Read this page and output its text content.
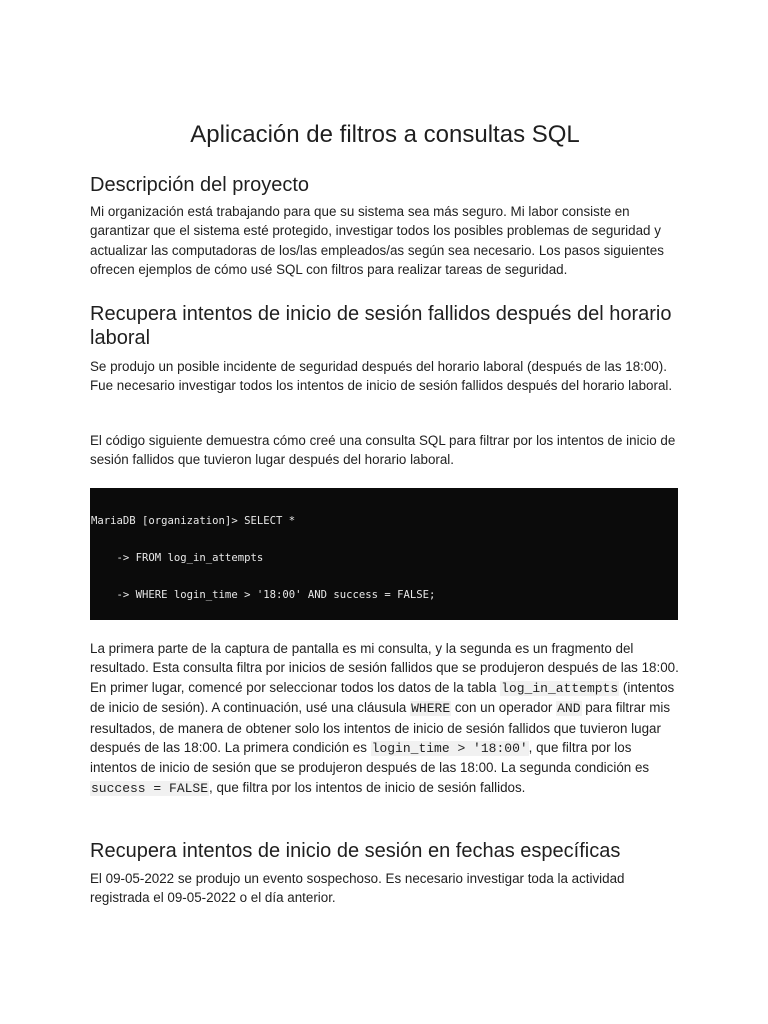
Aplicación de filtros a consultas SQL
Descripción del proyecto

Mi organización está trabajando para que su sistema sea más seguro. Mi labor consiste en garantizar que el sistema esté protegido, investigar todos los posibles problemas de seguridad y actualizar las computadoras de los/las empleados/as según sea necesario. Los pasos siguientes ofrecen ejemplos de cómo usé SQL con filtros para realizar tareas de seguridad.

Recupera intentos de inicio de sesión fallidos después del horario laboral

Se produjo un posible incidente de seguridad después del horario laboral (después de las 18:00). Fue necesario investigar todos los intentos de inicio de sesión fallidos después del horario laboral.

El código siguiente demuestra cómo creé una consulta SQL para filtrar por los intentos de inicio de sesión fallidos que tuvieron lugar después del horario laboral.

MariaDB [organization]> SELECT *

-> FROM log_in_attempts

-> WHERE login_time > '18:00' AND success = FALSE;

La primera parte de la captura de pantalla es mi consulta, y la segunda es un fragmento del resultado. Esta consulta filtra por inicios de sesión fallidos que se produjeron después de las 18:00. En primer lugar, comencé por seleccionar todos los datos de la tabla log_in_attempts (intentos de inicio de sesión). A continuación, usé una cláusula WHERE con un operador AND para filtrar mis resultados, de manera de obtener solo los intentos de inicio de sesión fallidos que tuvieron lugar después de las 18:00. La primera condición es login_time > '18:00', que filtra por los intentos de inicio de sesión que se produjeron después de las 18:00. La segunda condición es success = FALSE, que filtra por los intentos de inicio de sesión fallidos.

Recupera intentos de inicio de sesión en fechas específicas

El 09-05-2022 se produjo un evento sospechoso. Es necesario investigar toda la actividad registrada el 09-05-2022 o el día anterior.
